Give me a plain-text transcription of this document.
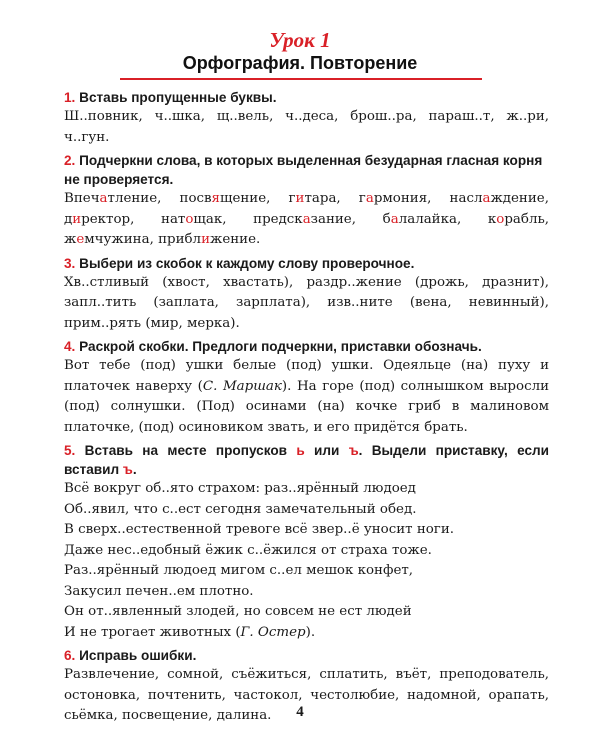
Урок 1
Орфография. Повторение
1. Вставь пропущенные буквы.
Ш..повник, ч..шка, щ..вель, ч..деса, брош..ра, параш..т, ж..ри, ч..гун.
2. Подчеркни слова, в которых выделенная безударная гласная корня не проверяется.
Впечатление, посвящение, гитара, гармония, наслаждение, директор, натощак, предсказание, балалайка, корабль, жемчужина, приближение.
3. Выбери из скобок к каждому слову проверочное.
Хв..стливый (хвост, хвастать), раздр..жение (дрожь, дразнит), запл..тить (заплата, зарплата), изв..ните (вена, невинный), прим..рять (мир, мерка).
4. Раскрой скобки. Предлоги подчеркни, приставки обозначь.
Вот тебе (под) ушки белые (под) ушки. Одеяльце (на) пуху и платочек наверху (С. Маршак). На горе (под) солнышком выросли (под) солнушки. (Под) осинами (на) кочке гриб в малиновом платочке, (под) осиновиком звать, и его придётся брать.
5. Вставь на месте пропусков ь или ъ. Выдели приставку, если вставил ъ.
Всё вокруг об..ято страхом: раз..ярённый людоед
Об..явил, что с..ест сегодня замечательный обед.
В сверх..естественной тревоге всё звер..ё уносит ноги.
Даже нес..едобный ёжик с..ёжился от страха тоже.
Раз..ярённый людоед мигом с..ел мешок конфет,
Закусил печен..ем плотно.
Он от..явленный злодей, но совсем не ест людей
И не трогает животных (Г. Остер).
6. Исправь ошибки.
Развлечение, сомной, съёжиться, сплатить, въёт, преподователь, остоновка, почтенить, частокол, честолюбие, надомной, орапать, сьёмка, посвещение, далина.	4
